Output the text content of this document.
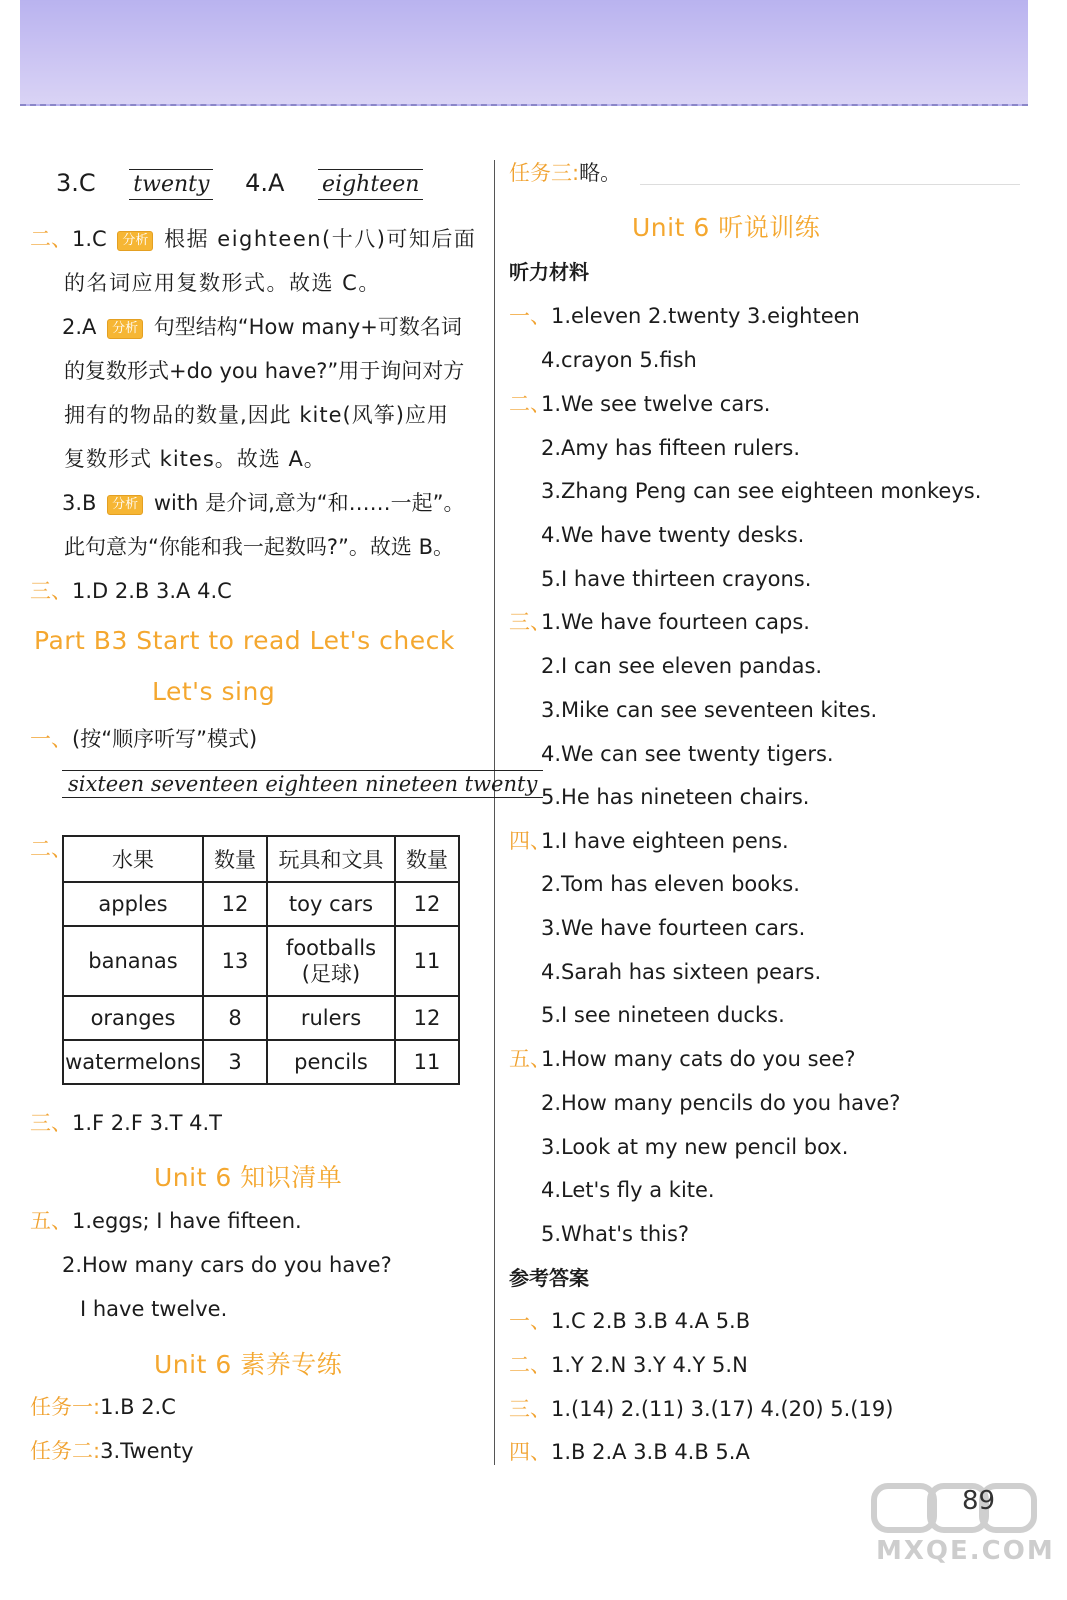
3.C twenty 4.A eighteen
二、1.C 分析 根据 eighteen(十八)可知后面
的名词应用复数形式。故选 C。
2.A 分析 句型结构“How many+可数名词
的复数形式+do you have?”用于询问对方
拥有的物品的数量,因此 kite(风筝)应用
复数形式 kites。故选 A。
3.B 分析 with 是介词,意为“和……一起”。
此句意为“你能和我一起数吗?”。故选 B。
三、1.D 2.B 3.A 4.C
Part B3 Start to read Let's check
Let's sing
一、(按“顺序听写”模式)
sixteen seventeen eighteen nineteen twenty
二、 水果	数量	玩具和文具	数量
apples	12	toy cars	12
bananas	13	footballs
(足球)	11
oranges	8	rulers	12
watermelons	3	pencils	11
三、1.F 2.F 3.T 4.T
Unit 6 知识清单
五、1.eggs; I have fifteen.
2.How many cars do you have?
I have twelve.
Unit 6 素养专练
任务一:1.B 2.C
任务二:3.Twenty
任务三:略。
Unit 6 听说训练
听力材料
一、1.eleven 2.twenty 3.eighteen
4.crayon 5.fish
二、
1.We see twelve cars.
2.Amy has fifteen rulers.
3.Zhang Peng can see eighteen monkeys.
4.We have twenty desks.
5.I have thirteen crayons.
三、
1.We have fourteen caps.
2.I can see eleven pandas.
3.Mike can see seventeen kites.
4.We can see twenty tigers.
5.He has nineteen chairs.
四、
1.I have eighteen pens.
2.Tom has eleven books.
3.We have fourteen cars.
4.Sarah has sixteen pears.
5.I see nineteen ducks.
五、
1.How many cats do you see?
2.How many pencils do you have?
3.Look at my new pencil box.
4.Let's fly a kite.
5.What's this?
参考答案
一、1.C 2.B 3.B 4.A 5.B
二、1.Y 2.N 3.Y 4.Y 5.N
三、1.(14) 2.(11) 3.(17) 4.(20) 5.(19)
四、1.B 2.A 3.B 4.B 5.A
MXQE.COM
89
